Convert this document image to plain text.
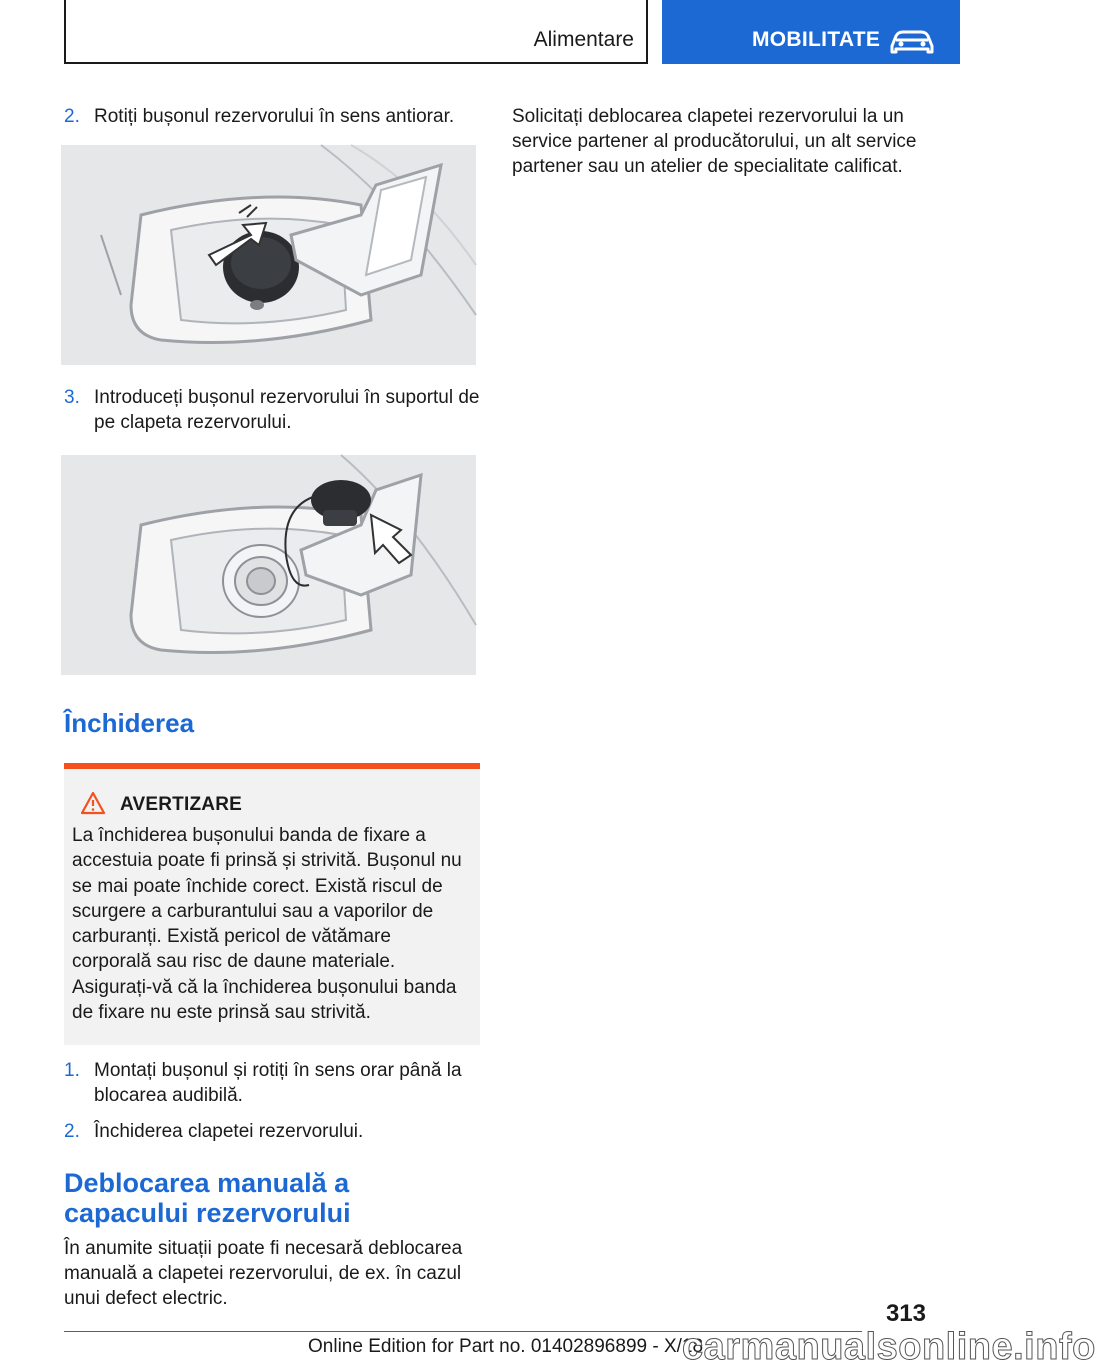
Alimentare	MOBILITATE
2. Rotiți bușonul rezervorului în sens antiorar.
3. Introduceți bușonul rezervorului în suportul de pe clapeta rezervorului.
Închiderea
AVERTIZARE
La închiderea bușonului banda de fixare a accestuia poate fi prinsă și strivită. Bușonul nu se mai poate închide corect. Există riscul de scurgere a carburantului sau a vaporilor de carburanți. Există pericol de vătămare corporală sau risc de daune materiale. Asigurați-vă că la închiderea bușonului banda de fixare nu este prinsă sau strivită.
1. Montați bușonul și rotiți în sens orar până la blocarea audibilă.
2. Închiderea clapetei rezervorului.
Deblocarea manuală a capacului rezervorului
În anumite situații poate fi necesară deblocarea manuală a clapetei rezervorului, de ex. în cazul unui defect electric.
Solicitați deblocarea clapetei rezervorului la un service partener al producătorului, un alt service partener sau un atelier de specialitate calificat.
313
Online Edition for Part no. 01402896899 - X/18
carmanualsonline.info
